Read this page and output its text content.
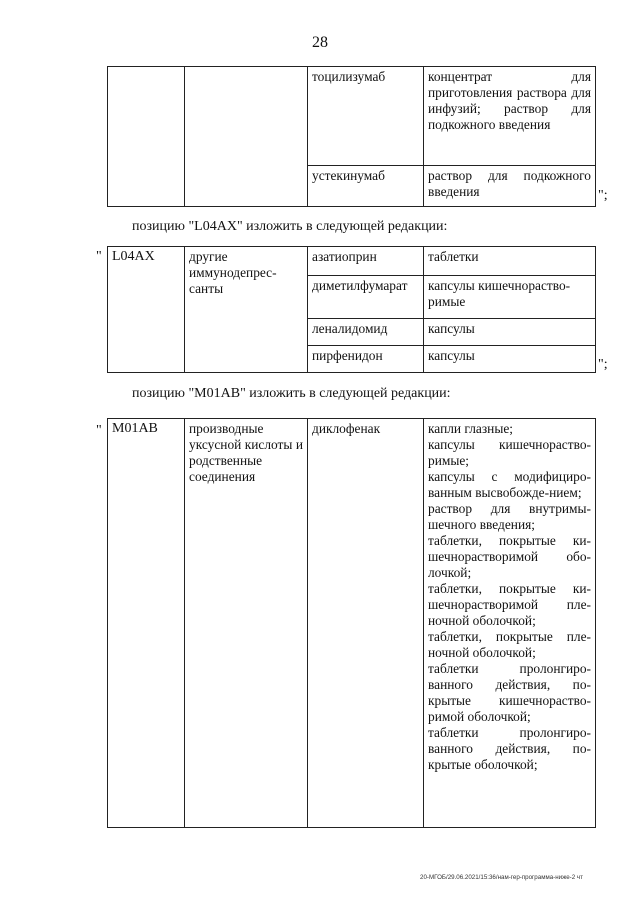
28
		тоцилизумаб	концентрат для приготовления раствора для инфузий; раствор для подкожного введения
		устекинумаб	раствор для подкожного введения	";
позицию "L04AX" изложить в следующей редакции:
" L04AX	другие иммунодепрес-санты	азатиоприн	таблетки
		диметилфумарат	капсулы кишечнораство-римые
		леналидомид	капсулы
		пирфенидон	капсулы
";
позицию "M01AB" изложить в следующей редакции:
" M01AB	производные уксусной кислоты и родственные соединения	диклофенак	капли глазные;
капсулы кишечнораство-римые;
капсулы с модифициро-ванным высвобожде-нием;
раствор для внутримы-шечного введения;
таблетки, покрытые ки-шечнорастворимой обо-лочкой;
таблетки, покрытые ки-шечнорастворимой пле-ночной оболочкой;
таблетки, покрытые пле-ночной оболочкой;
таблетки пролонгиро-ванного действия, по-крытые кишечнораство-римой оболочкой;
таблетки пролонгиро-ванного действия, по-крытые оболочкой;
20-МГОБ/29.06.2021/15:36/нам-гер-программа-ниже-2 чт
